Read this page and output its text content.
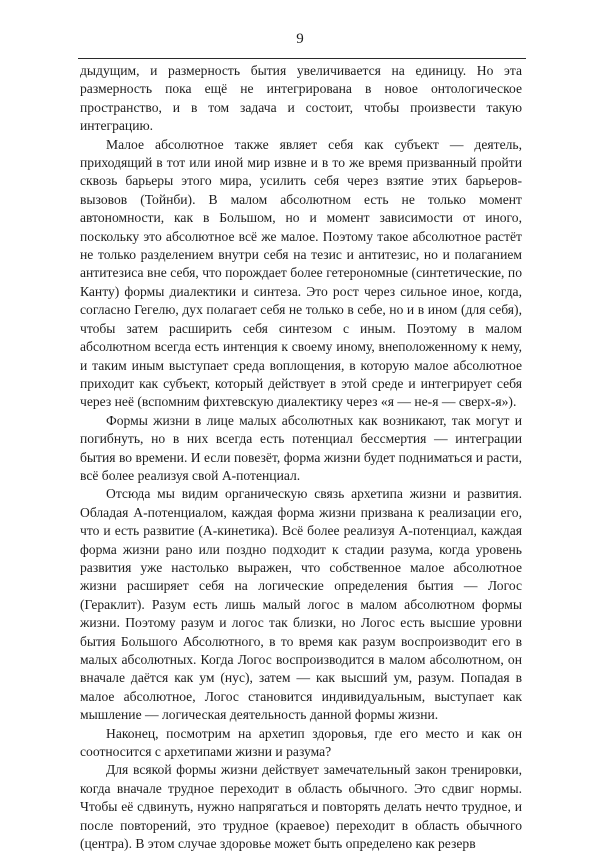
9

дыдущим, и размерность бытия увеличивается на единицу. Но эта размерность пока ещё не интегрирована в новое онтологическое пространство, и в том задача и состоит, чтобы произвести такую интеграцию.

Малое абсолютное также являет себя как субъект — деятель, приходящий в тот или иной мир извне и в то же время призванный пройти сквозь барьеры этого мира, усилить себя через взятие этих барьеров-вызовов (Тойнби). В малом абсолютном есть не только момент автономности, как в Большом, но и момент зависимости от иного, поскольку это абсолютное всё же малое. Поэтому такое абсолютное растёт не только разделением внутри себя на тезис и антитезис, но и полаганием антитезиса вне себя, что порождает более гетерономные (синтетические, по Канту) формы диалектики и синтеза. Это рост через сильное иное, когда, согласно Гегелю, дух полагает себя не только в себе, но и в ином (для себя), чтобы затем расширить себя синтезом с иным. Поэтому в малом абсолютном всегда есть интенция к своему иному, внеположенному к нему, и таким иным выступает среда воплощения, в которую малое абсолютное приходит как субъект, который действует в этой среде и интегрирует себя через неё (вспомним фихтевскую диалектику через «я — не-я — сверх-я»).

Формы жизни в лице малых абсолютных как возникают, так могут и погибнуть, но в них всегда есть потенциал бессмертия — интеграции бытия во времени. И если повезёт, форма жизни будет подниматься и расти, всё более реализуя свой А-потенциал.

Отсюда мы видим органическую связь архетипа жизни и развития. Обладая А-потенциалом, каждая форма жизни призвана к реализации его, что и есть развитие (А-кинетика). Всё более реализуя А-потенциал, каждая форма жизни рано или поздно подходит к стадии разума, когда уровень развития уже настолько выражен, что собственное малое абсолютное жизни расширяет себя на логические определения бытия — Логос (Гераклит). Разум есть лишь малый логос в малом абсолютном формы жизни. Поэтому разум и логос так близки, но Логос есть высшие уровни бытия Большого Абсолютного, в то время как разум воспроизводит его в малых абсолютных. Когда Логос воспроизводится в малом абсолютном, он вначале даётся как ум (нус), затем — как высший ум, разум. Попадая в малое абсолютное, Логос становится индивидуальным, выступает как мышление — логическая деятельность данной формы жизни.

Наконец, посмотрим на архетип здоровья, где его место и как он соотносится с архетипами жизни и разума?

Для всякой формы жизни действует замечательный закон тренировки, когда вначале трудное переходит в область обычного. Это сдвиг нормы. Чтобы её сдвинуть, нужно напрягаться и повторять делать нечто трудное, и после повторений, это трудное (краевое) переходит в область обычного (центра). В этом случае здоровье может быть определено как резерв
